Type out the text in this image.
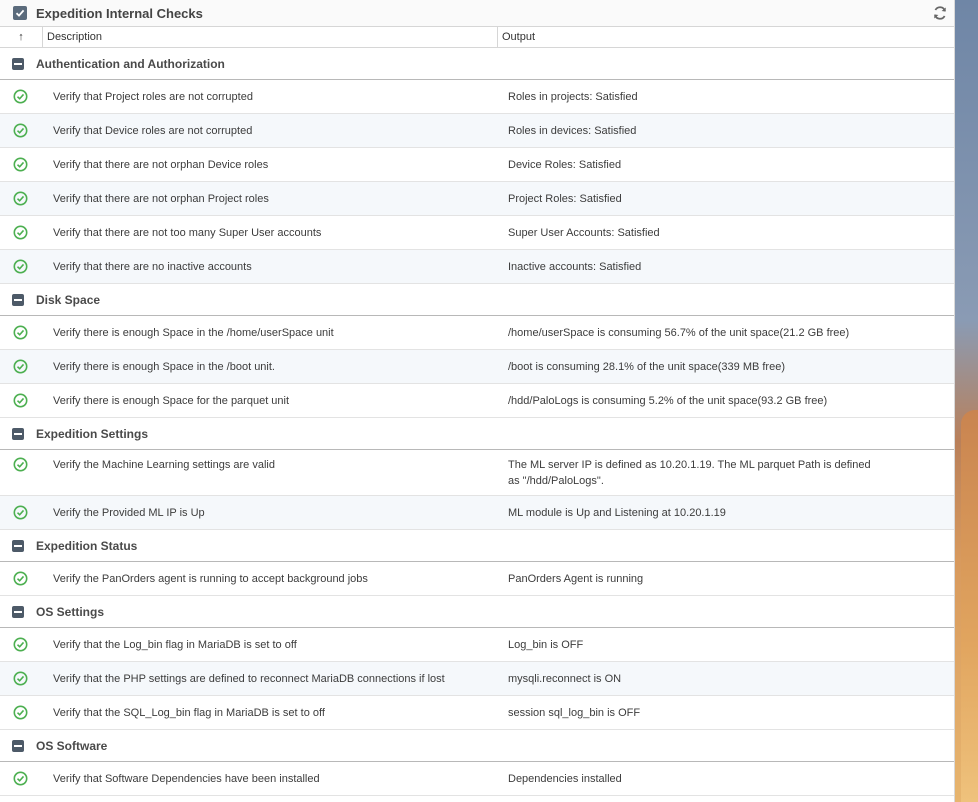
Expedition Internal Checks
↑	Description	Output
Authentication and Authorization
Verify that Project roles are not corrupted	Roles in projects: Satisfied
Verify that Device roles are not corrupted	Roles in devices: Satisfied
Verify that there are not orphan Device roles	Device Roles: Satisfied
Verify that there are not orphan Project roles	Project Roles: Satisfied
Verify that there are not too many Super User accounts	Super User Accounts: Satisfied
Verify that there are no inactive accounts	Inactive accounts: Satisfied
Disk Space
Verify there is enough Space in the /home/userSpace unit	/home/userSpace is consuming 56.7% of the unit space(21.2 GB free)
Verify there is enough Space in the /boot unit.	/boot is consuming 28.1% of the unit space(339 MB free)
Verify there is enough Space for the parquet unit	/hdd/PaloLogs is consuming 5.2% of the unit space(93.2 GB free)
Expedition Settings
Verify the Machine Learning settings are valid	The ML server IP is defined as 10.20.1.19. The ML parquet Path is defined as "/hdd/PaloLogs".
Verify the Provided ML IP is Up	ML module is Up and Listening at 10.20.1.19
Expedition Status
Verify the PanOrders agent is running to accept background jobs	PanOrders Agent is running
OS Settings
Verify that the Log_bin flag in MariaDB is set to off	Log_bin is OFF
Verify that the PHP settings are defined to reconnect MariaDB connections if lost	mysqli.reconnect is ON
Verify that the SQL_Log_bin flag in MariaDB is set to off	session sql_log_bin is OFF
OS Software
Verify that Software Dependencies have been installed	Dependencies installed
